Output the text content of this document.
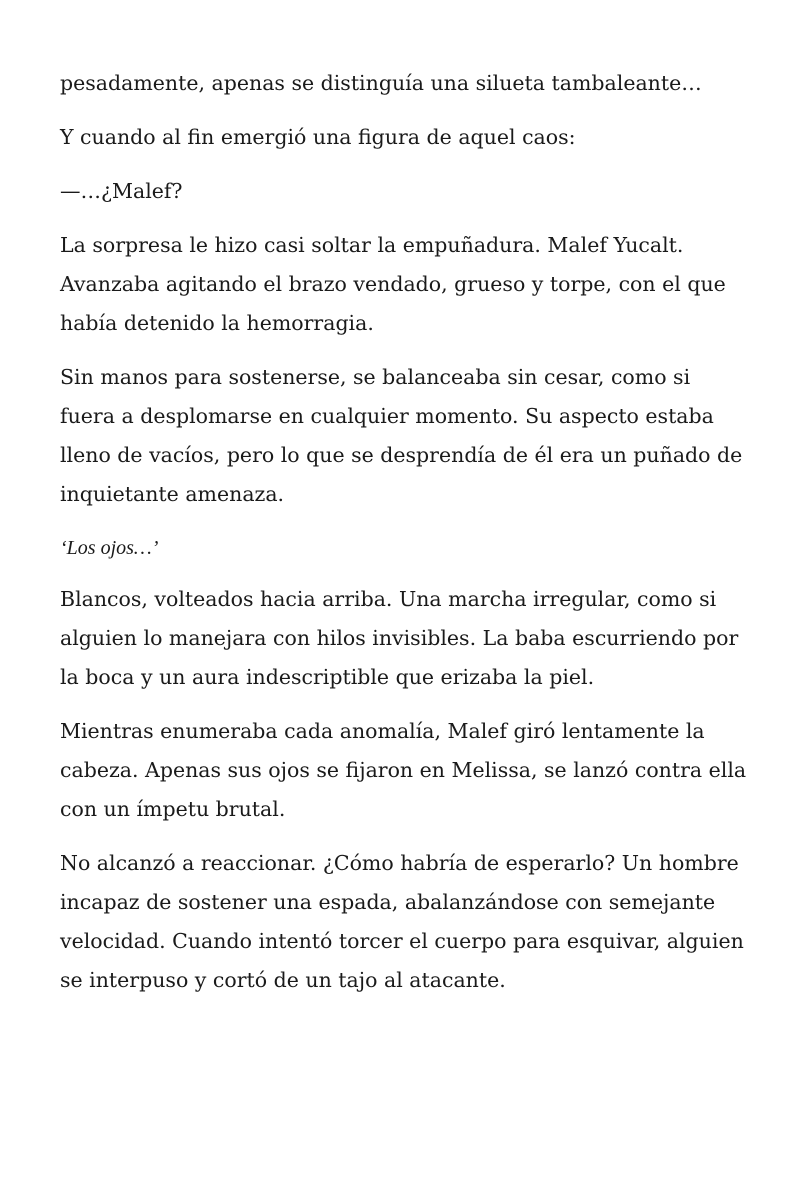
pesadamente, apenas se distinguía una silueta tambaleante…

Y cuando al fin emergió una figura de aquel caos:

—…¿Malef?

La sorpresa le hizo casi soltar la empuñadura. Malef Yucalt. Avanzaba agitando el brazo vendado, grueso y torpe, con el que había detenido la hemorragia.

Sin manos para sostenerse, se balanceaba sin cesar, como si fuera a desplomarse en cualquier momento. Su aspecto estaba lleno de vacíos, pero lo que se desprendía de él era un puñado de inquietante amenaza.

‘Los ojos…’

Blancos, volteados hacia arriba. Una marcha irregular, como si alguien lo manejara con hilos invisibles. La baba escurriendo por la boca y un aura indescriptible que erizaba la piel.

Mientras enumeraba cada anomalía, Malef giró lentamente la cabeza. Apenas sus ojos se fijaron en Melissa, se lanzó contra ella con un ímpetu brutal.

No alcanzó a reaccionar. ¿Cómo habría de esperarlo? Un hombre incapaz de sostener una espada, abalanzándose con semejante velocidad. Cuando intentó torcer el cuerpo para esquivar, alguien se interpuso y cortó de un tajo al atacante.
